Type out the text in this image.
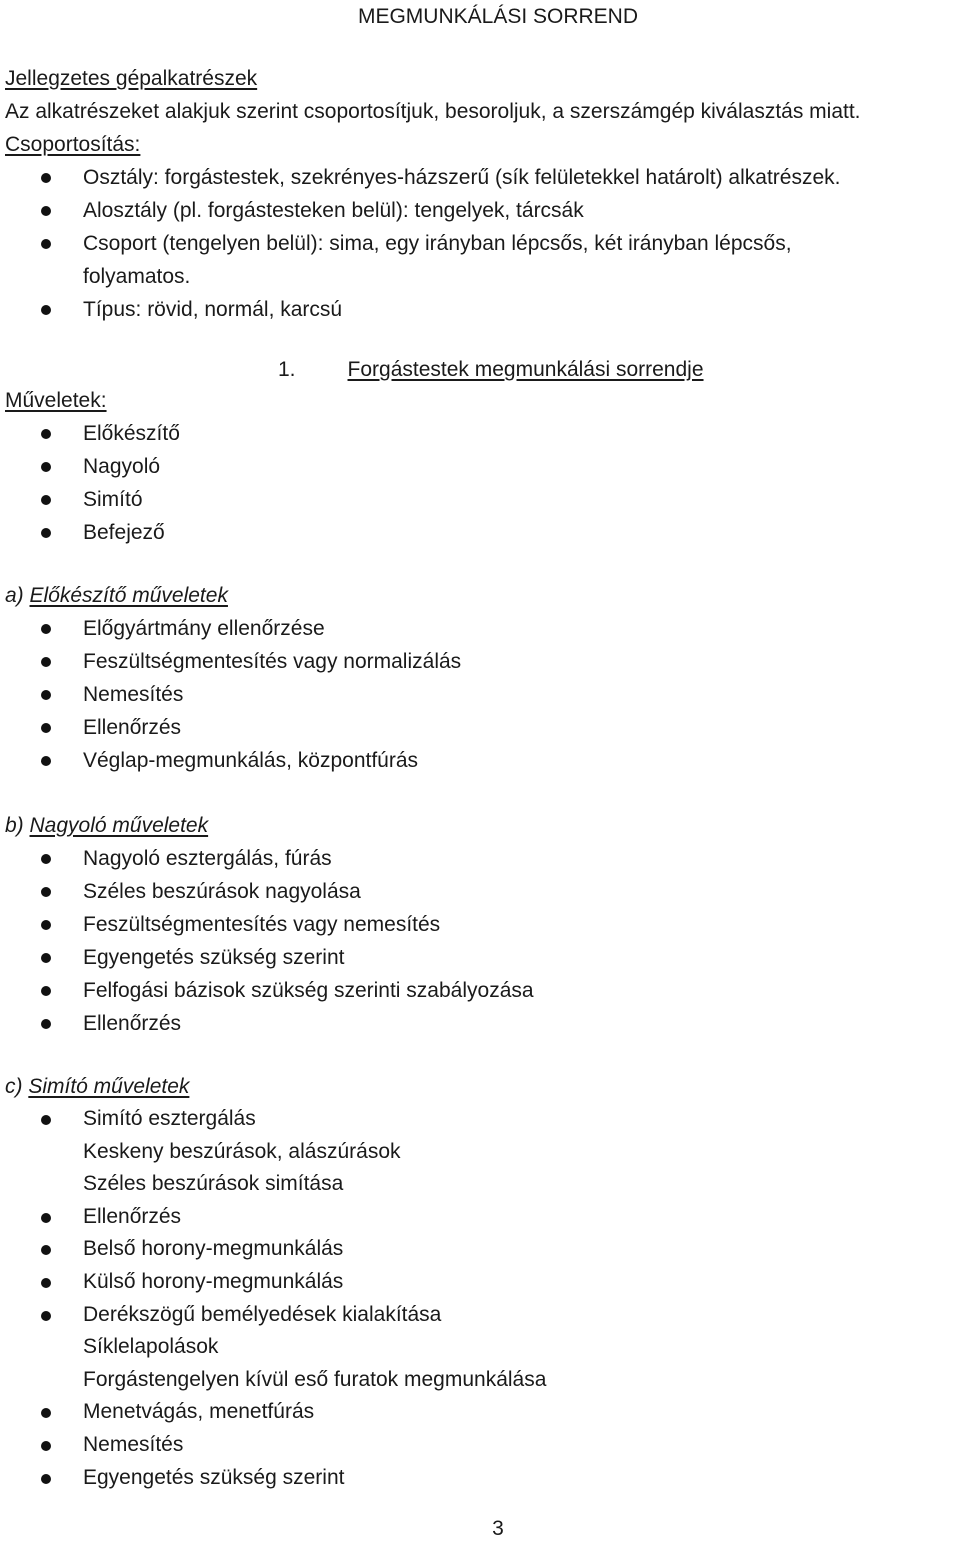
MEGMUNKÁLÁSI SORREND
Jellegzetes gépalkatrészek
Az alkatrészeket alakjuk szerint csoportosítjuk, besoroljuk, a szerszámgép kiválasztás miatt.
Csoportosítás:
Osztály: forgástestek, szekrényes-házszerű (sík felületekkel határolt) alkatrészek.
Alosztály (pl. forgástesteken belül): tengelyek, tárcsák
Csoport (tengelyen belül): sima, egy irányban lépcsős, két irányban lépcsős,
folyamatos.
Típus: rövid, normál, karcsú
1. Forgástestek megmunkálási sorrendje
Műveletek:
Előkészítő
Nagyoló
Simító
Befejező
a) Előkészítő műveletek
Előgyártmány ellenőrzése
Feszültségmentesítés vagy normalizálás
Nemesítés
Ellenőrzés
Véglap-megmunkálás, központfúrás
b) Nagyoló műveletek
Nagyoló esztergálás, fúrás
Széles beszúrások nagyolása
Feszültségmentesítés vagy nemesítés
Egyengetés szükség szerint
Felfogási bázisok szükség szerinti szabályozása
Ellenőrzés
c) Simító műveletek
Simító esztergálás
Keskeny beszúrások, alászúrások
Széles beszúrások simítása
Ellenőrzés
Belső horony-megmunkálás
Külső horony-megmunkálás
Derékszögű bemélyedések kialakítása
Síklelapolások
Forgástengelyen kívül eső furatok megmunkálása
Menetvágás, menetfúrás
Nemesítés
Egyengetés szükség szerint
3
